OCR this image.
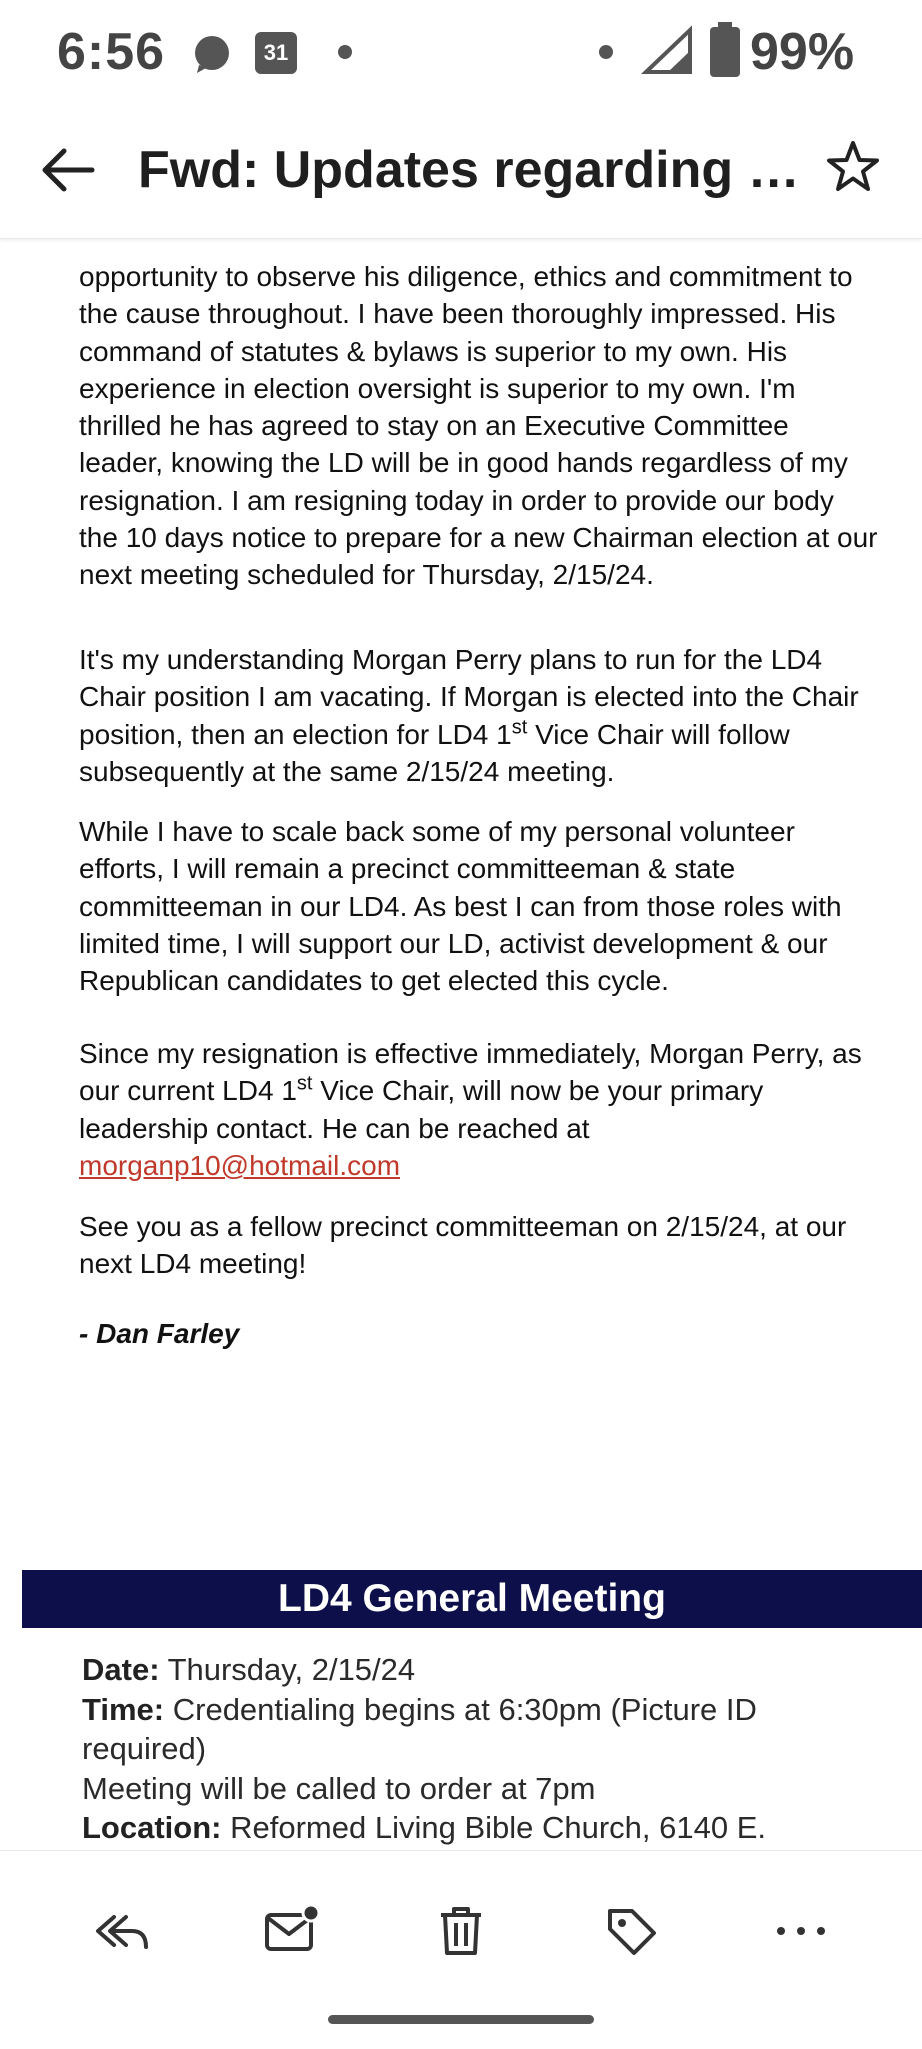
6:56	31	99%
Fwd: Updates regarding …
opportunity to observe his diligence, ethics and commitment to the cause throughout. I have been thoroughly impressed. His command of statutes & bylaws is superior to my own. His experience in election oversight is superior to my own. I'm thrilled he has agreed to stay on an Executive Committee leader, knowing the LD will be in good hands regardless of my resignation. I am resigning today in order to provide our body the 10 days notice to prepare for a new Chairman election at our next meeting scheduled for Thursday, 2/15/24.
It's my understanding Morgan Perry plans to run for the LD4 Chair position I am vacating. If Morgan is elected into the Chair position, then an election for LD4 1st Vice Chair will follow subsequently at the same 2/15/24 meeting.
While I have to scale back some of my personal volunteer efforts, I will remain a precinct committeeman & state committeeman in our LD4. As best I can from those roles with limited time, I will support our LD, activist development & our Republican candidates to get elected this cycle.
Since my resignation is effective immediately, Morgan Perry, as our current LD4 1st Vice Chair, will now be your primary leadership contact. He can be reached at
morganp10@hotmail.com
See you as a fellow precinct committeeman on 2/15/24, at our next LD4 meeting!
- Dan Farley
LD4 General Meeting
Date: Thursday, 2/15/24
Time: Credentialing begins at 6:30pm (Picture ID required)
Meeting will be called to order at 7pm
Location: Reformed Living Bible Church, 6140 E.
